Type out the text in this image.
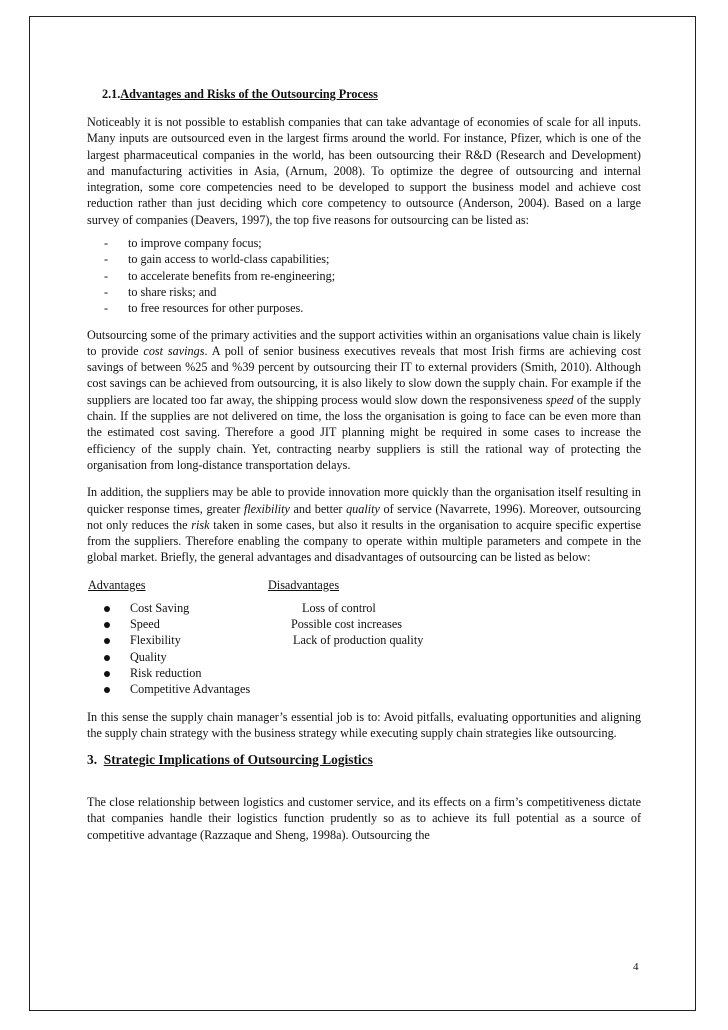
2.1.Advantages and Risks of the Outsourcing Process

Noticeably it is not possible to establish companies that can take advantage of economies of scale for all inputs. Many inputs are outsourced even in the largest firms around the world. For instance, Pfizer, which is one of the largest pharmaceutical companies in the world, has been outsourcing their R&D (Research and Development) and manufacturing activities in Asia, (Arnum, 2008). To optimize the degree of outsourcing and internal integration, some core competencies need to be developed to support the business model and achieve cost reduction rather than just deciding which core competency to outsource (Anderson, 2004). Based on a large survey of companies (Deavers, 1997), the top five reasons for outsourcing can be listed as:

- to improve company focus;
- to gain access to world-class capabilities;
- to accelerate benefits from re-engineering;
- to share risks; and
- to free resources for other purposes.

Outsourcing some of the primary activities and the support activities within an organisations value chain is likely to provide cost savings. A poll of senior business executives reveals that most Irish firms are achieving cost savings of between %25 and %39 percent by outsourcing their IT to external providers (Smith, 2010). Although cost savings can be achieved from outsourcing, it is also likely to slow down the supply chain. For example if the suppliers are located too far away, the shipping process would slow down the responsiveness speed of the supply chain. If the supplies are not delivered on time, the loss the organisation is going to face can be even more than the estimated cost saving. Therefore a good JIT planning might be required in some cases to increase the efficiency of the supply chain. Yet, contracting nearby suppliers is still the rational way of protecting the organisation from long-distance transportation delays.

In addition, the suppliers may be able to provide innovation more quickly than the organisation itself resulting in quicker response times, greater flexibility and better quality of service (Navarrete, 1996). Moreover, outsourcing not only reduces the risk taken in some cases, but also it results in the organisation to acquire specific expertise from the suppliers. Therefore enabling the company to operate within multiple parameters and compete in the global market. Briefly, the general advantages and disadvantages of outsourcing can be listed as below:

Advantages	Disadvantages
Cost Saving
Speed
Flexibility
Quality
Risk reduction
Competitive Advantages
Loss of control
Possible cost increases
Lack of production quality

In this sense the supply chain manager’s essential job is to: Avoid pitfalls, evaluating opportunities and aligning the supply chain strategy with the business strategy while executing supply chain strategies like outsourcing.

3. Strategic Implications of Outsourcing Logistics

The close relationship between logistics and customer service, and its effects on a firm’s competitiveness dictate that companies handle their logistics function prudently so as to achieve its full potential as a source of competitive advantage (Razzaque and Sheng, 1998a). Outsourcing the

4
